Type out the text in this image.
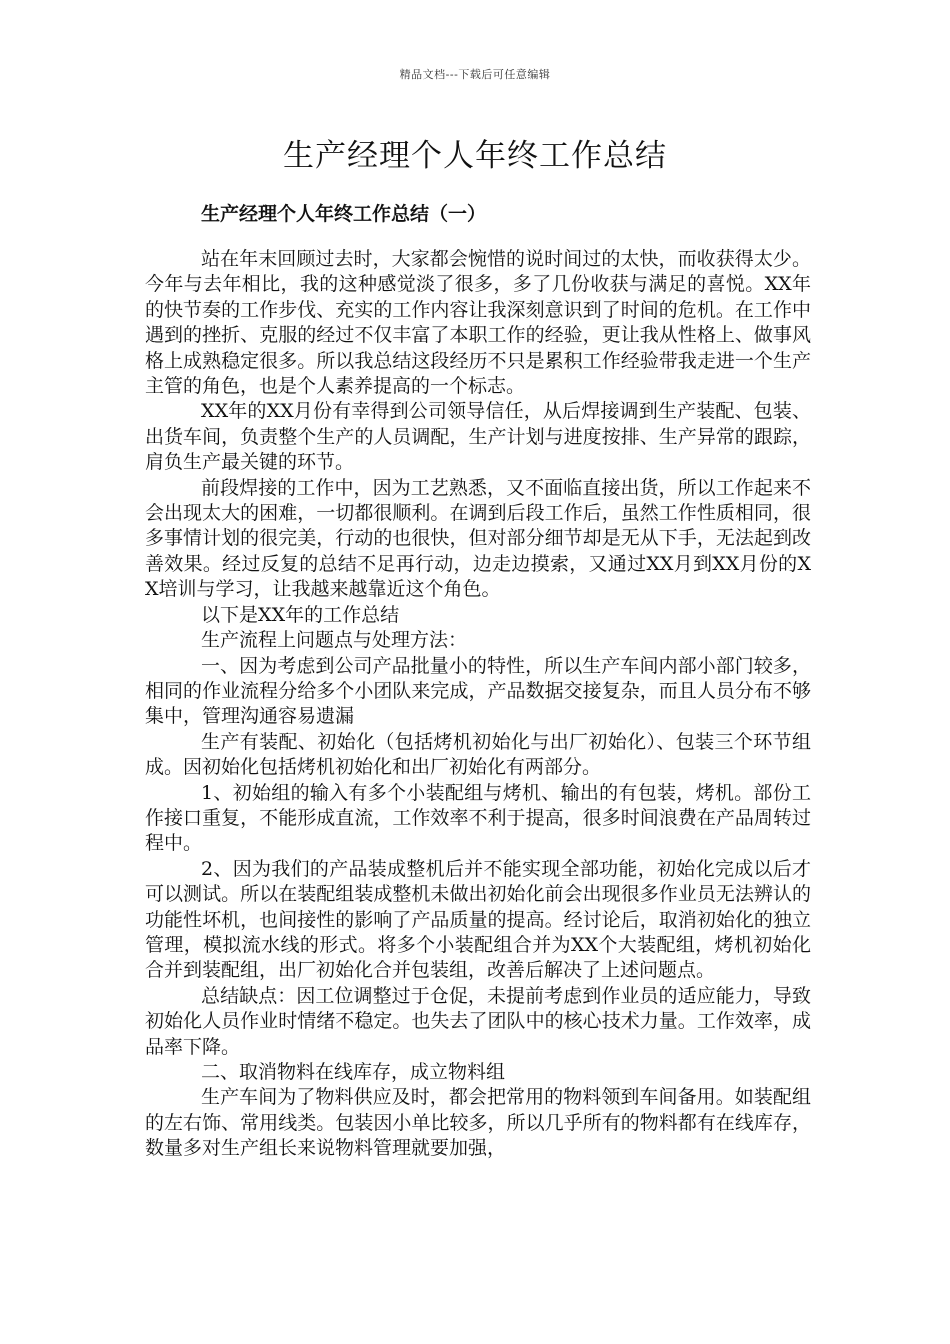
精品文档---下载后可任意编辑
生产经理个人年终工作总结
生产经理个人年终工作总结（一）

站在年末回顾过去时，大家都会惋惜的说时间过的太快，而收获得太少。今年与去年相比，我的这种感觉淡了很多，多了几份收获与满足的喜悦。XX年的快节奏的工作步伐、充实的工作内容让我深刻意识到了时间的危机。在工作中遇到的挫折、克服的经过不仅丰富了本职工作的经验，更让我从性格上、做事风格上成熟稳定很多。所以我总结这段经历不只是累积工作经验带我走进一个生产主管的角色，也是个人素养提高的一个标志。

XX年的XX月份有幸得到公司领导信任，从后焊接调到生产装配、包装、出货车间，负责整个生产的人员调配，生产计划与进度按排、生产异常的跟踪，肩负生产最关键的环节。

前段焊接的工作中，因为工艺熟悉，又不面临直接出货，所以工作起来不会出现太大的困难，一切都很顺利。在调到后段工作后，虽然工作性质相同，很多事情计划的很完美，行动的也很快，但对部分细节却是无从下手，无法起到改善效果。经过反复的总结不足再行动，边走边摸索，又通过XX月到XX月份的XX培训与学习，让我越来越靠近这个角色。

以下是XX年的工作总结

生产流程上问题点与处理方法：

一、因为考虑到公司产品批量小的特性，所以生产车间内部小部门较多，相同的作业流程分给多个小团队来完成，产品数据交接复杂，而且人员分布不够集中，管理沟通容易遗漏

生产有装配、初始化（包括烤机初始化与出厂初始化）、包装三个环节组成。因初始化包括烤机初始化和出厂初始化有两部分。

1、初始组的输入有多个小装配组与烤机、输出的有包装，烤机。部份工作接口重复，不能形成直流，工作效率不利于提高，很多时间浪费在产品周转过程中。

2、因为我们的产品装成整机后并不能实现全部功能，初始化完成以后才可以测试。所以在装配组装成整机未做出初始化前会出现很多作业员无法辨认的功能性坏机，也间接性的影响了产品质量的提高。经讨论后，取消初始化的独立管理，模拟流水线的形式。将多个小装配组合并为XX个大装配组，烤机初始化合并到装配组，出厂初始化合并包装组，改善后解决了上述问题点。

总结缺点：因工位调整过于仓促，未提前考虑到作业员的适应能力，导致初始化人员作业时情绪不稳定。也失去了团队中的核心技术力量。工作效率，成品率下降。

二、取消物料在线库存，成立物料组

生产车间为了物料供应及时，都会把常用的物料领到车间备用。如装配组的左右饰、常用线类。包装因小单比较多，所以几乎所有的物料都有在线库存，数量多对生产组长来说物料管理就要加强，
